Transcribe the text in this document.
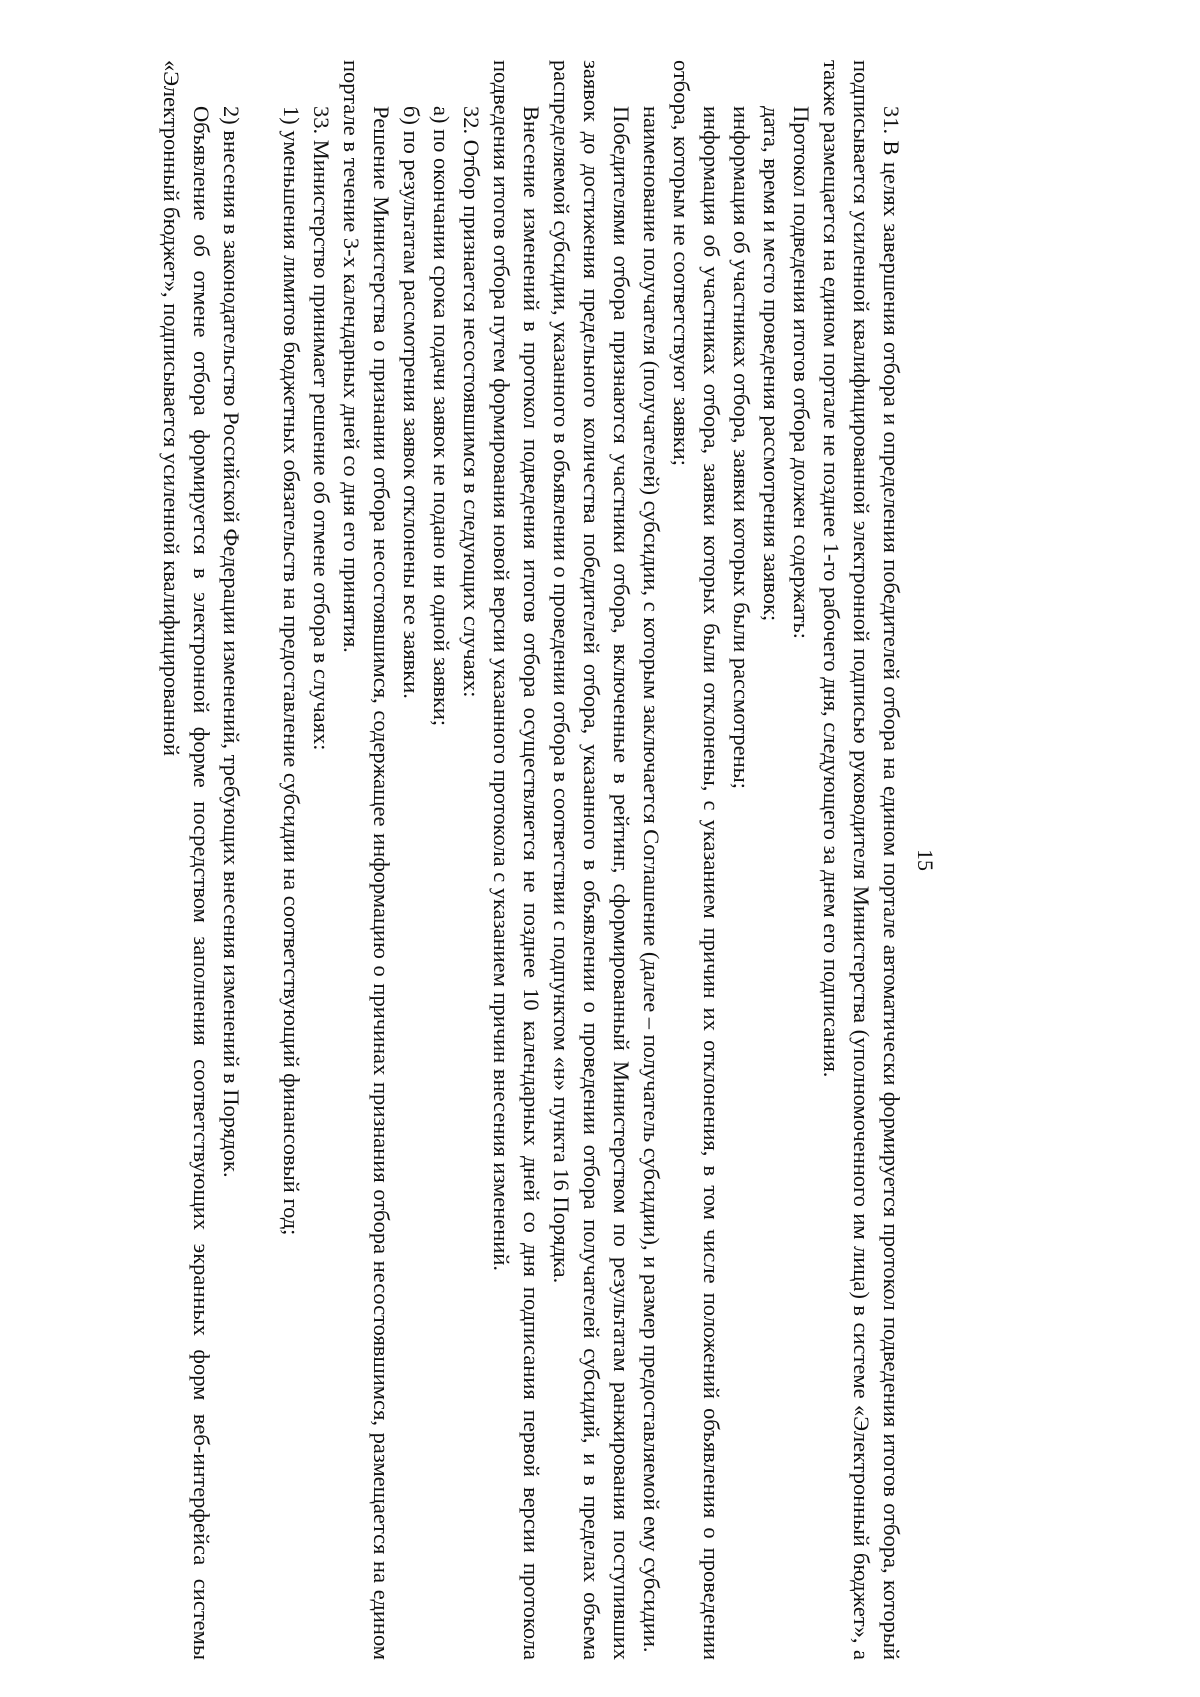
15

31. В целях завершения отбора и определения победителей отбора на едином портале автоматически формируется протокол подведения итогов отбора, который подписывается усиленной квалифицированной электронной подписью руководителя Министерства (уполномоченного им лица) в системе «Электронный бюджет», а также размещается на едином портале не позднее 1-го рабочего дня, следующего за днем его подписания.

Протокол подведения итогов отбора должен содержать:

дата, время и место проведения рассмотрения заявок;

информация об участниках отбора, заявки которых были рассмотрены;

информация об участниках отбора, заявки которых были отклонены, с указанием причин их отклонения, в том числе положений объявления о проведении отбора, которым не соответствуют заявки;

наименование получателя (получателей) субсидии, с которым заключается Соглашение (далее – получатель субсидии), и размер предоставляемой ему субсидии.

Победителями отбора признаются участники отбора, включенные в рейтинг, сформированный Министерством по результатам ранжирования поступивших заявок до достижения предельного количества победителей отбора, указанного в объявлении о проведении отбора получателей субсидий, и в пределах объема распределяемой субсидии, указанного в объявлении о проведении отбора в соответствии с подпунктом «н» пункта 16 Порядка.

Внесение изменений в протокол подведения итогов отбора осуществляется не позднее 10 календарных дней со дня подписания первой версии протокола подведения итогов отбора путем формирования новой версии указанного протокола с указанием причин внесения изменений.

32. Отбор признается несостоявшимся в следующих случаях:

а) по окончании срока подачи заявок не подано ни одной заявки;

б) по результатам рассмотрения заявок отклонены все заявки.

Решение Министерства о признании отбора несостоявшимся, содержащее информацию о причинах признания отбора несостоявшимся, размещается на едином портале в течение 3-х календарных дней со дня его принятия.

33. Министерство принимает решение об отмене отбора в случаях:

1) уменьшения лимитов бюджетных обязательств на предоставление субсидии на соответствующий финансовый год;

2) внесения в законодательство Российской Федерации изменений, требующих внесения изменений в Порядок.

Объявление об отмене отбора формируется в электронной форме посредством заполнения соответствующих экранных форм веб-интерфейса системы «Электронный бюджет», подписывается усиленной квалифицированной
